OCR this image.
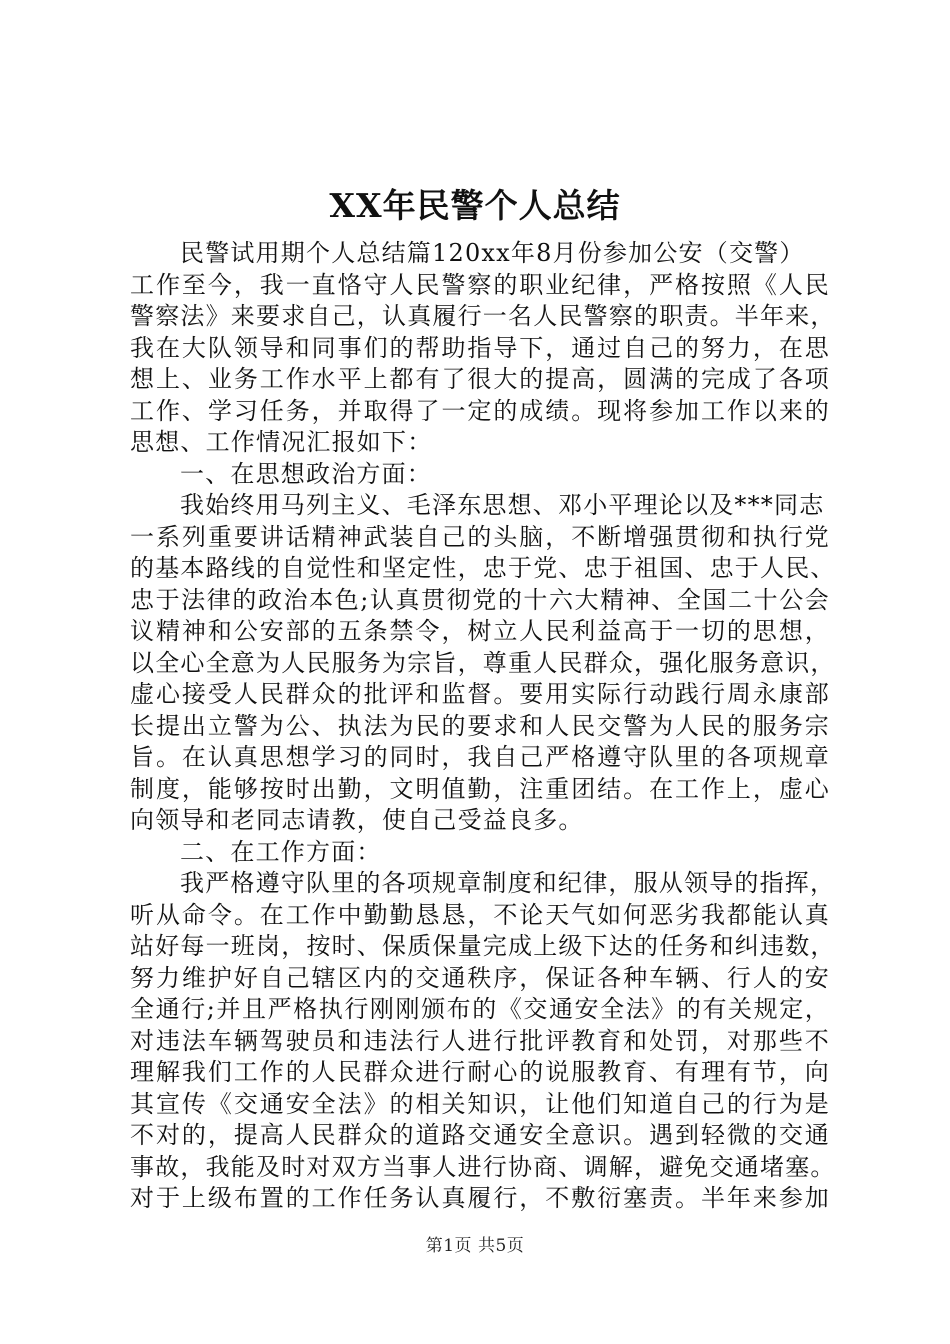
XX年民警个人总结
民警试用期个人总结篇120xx年8月份参加公安（交警）
工作至今，我一直恪守人民警察的职业纪律，严格按照《人民
警察法》来要求自己，认真履行一名人民警察的职责。半年来，
我在大队领导和同事们的帮助指导下，通过自己的努力，在思
想上、业务工作水平上都有了很大的提高，圆满的完成了各项
工作、学习任务，并取得了一定的成绩。现将参加工作以来的
思想、工作情况汇报如下：
一、在思想政治方面：
我始终用马列主义、毛泽东思想、邓小平理论以及***同志
一系列重要讲话精神武装自己的头脑，不断增强贯彻和执行党
的基本路线的自觉性和坚定性，忠于党、忠于祖国、忠于人民、
忠于法律的政治本色;认真贯彻党的十六大精神、全国二十公会
议精神和公安部的五条禁令，树立人民利益高于一切的思想，
以全心全意为人民服务为宗旨，尊重人民群众，强化服务意识，
虚心接受人民群众的批评和监督。要用实际行动践行周永康部
长提出立警为公、执法为民的要求和人民交警为人民的服务宗
旨。在认真思想学习的同时，我自己严格遵守队里的各项规章
制度，能够按时出勤，文明值勤，注重团结。在工作上，虚心
向领导和老同志请教，使自己受益良多。
二、在工作方面：
我严格遵守队里的各项规章制度和纪律，服从领导的指挥，
听从命令。在工作中勤勤恳恳，不论天气如何恶劣我都能认真
站好每一班岗，按时、保质保量完成上级下达的任务和纠违数，
努力维护好自己辖区内的交通秩序，保证各种车辆、行人的安
全通行;并且严格执行刚刚颁布的《交通安全法》的有关规定，
对违法车辆驾驶员和违法行人进行批评教育和处罚，对那些不
理解我们工作的人民群众进行耐心的说服教育、有理有节，向
其宣传《交通安全法》的相关知识，让他们知道自己的行为是
不对的，提高人民群众的道路交通安全意识。遇到轻微的交通
事故，我能及时对双方当事人进行协商、调解，避免交通堵塞。
对于上级布置的工作任务认真履行，不敷衍塞责。半年来参加
第1页 共5页
